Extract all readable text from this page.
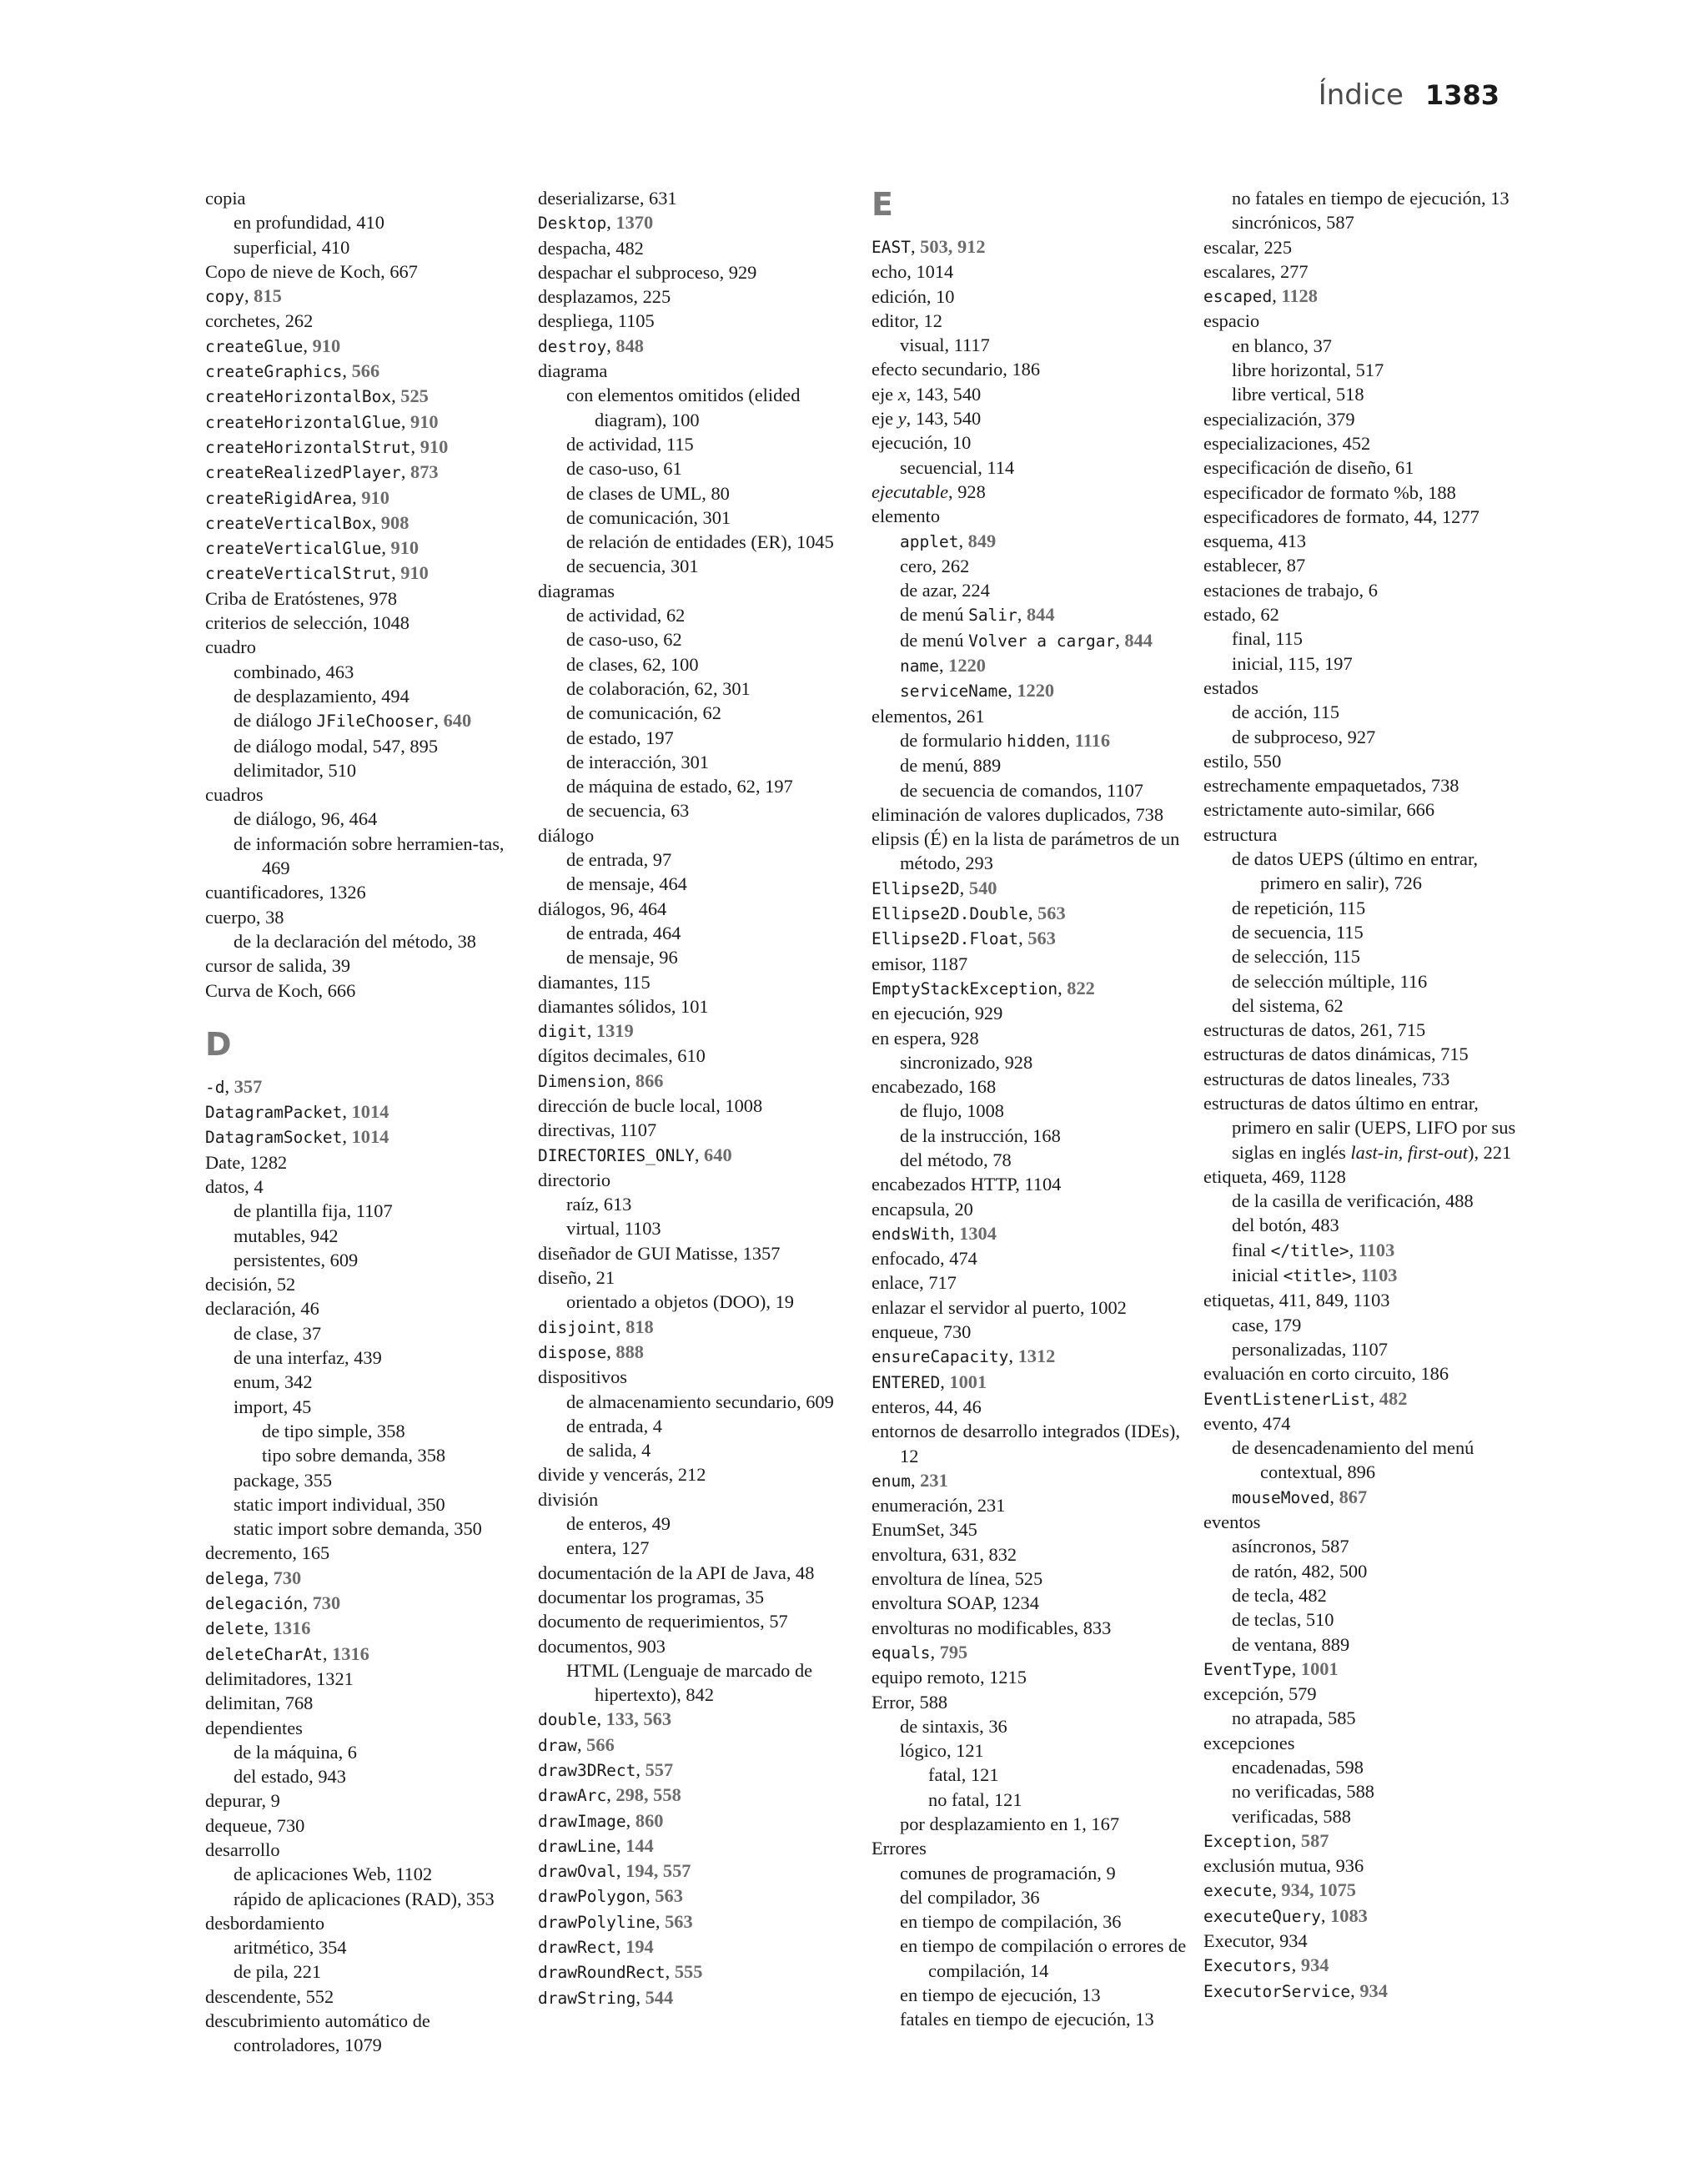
Índice 1383
copia
en profundidad, 410
superficial, 410
Copo de nieve de Koch, 667
copy, 815
corchetes, 262
createGlue, 910
createGraphics, 566
createHorizontalBox, 525
createHorizontalGlue, 910
createHorizontalStrut, 910
createRealizedPlayer, 873
createRigidArea, 910
createVerticalBox, 908
createVerticalGlue, 910
createVerticalStrut, 910
Criba de Eratóstenes, 978
criterios de selección, 1048
cuadro
combinado, 463
de desplazamiento, 494
de diálogo JFileChooser, 640
de diálogo modal, 547, 895
delimitador, 510
cuadros
de diálogo, 96, 464
de información sobre herramien-tas, 469
cuantificadores, 1326
cuerpo, 38
de la declaración del método, 38
cursor de salida, 39
Curva de Koch, 666
D
-d, 357
DatagramPacket, 1014
DatagramSocket, 1014
Date, 1282
datos, 4
de plantilla fija, 1107
mutables, 942
persistentes, 609
decisión, 52
declaración, 46
de clase, 37
de una interfaz, 439
enum, 342
import, 45
de tipo simple, 358
tipo sobre demanda, 358
package, 355
static import individual, 350
static import sobre demanda, 350
decremento, 165
delega, 730
delegación, 730
delete, 1316
deleteCharAt, 1316
delimitadores, 1321
delimitan, 768
dependientes
de la máquina, 6
del estado, 943
depurar, 9
dequeue, 730
desarrollo
de aplicaciones Web, 1102
rápido de aplicaciones (RAD), 353
desbordamiento
aritmético, 354
de pila, 221
descendente, 552
descubrimiento automático de controladores, 1079
deserializarse, 631
Desktop, 1370
despacha, 482
despachar el subproceso, 929
desplazamos, 225
despliega, 1105
destroy, 848
diagrama
con elementos omitidos (elided diagram), 100
de actividad, 115
de caso-uso, 61
de clases de UML, 80
de comunicación, 301
de relación de entidades (ER), 1045
de secuencia, 301
diagramas
de actividad, 62
de caso-uso, 62
de clases, 62, 100
de colaboración, 62, 301
de comunicación, 62
de estado, 197
de interacción, 301
de máquina de estado, 62, 197
de secuencia, 63
diálogo
de entrada, 97
de mensaje, 464
diálogos, 96, 464
de entrada, 464
de mensaje, 96
diamantes, 115
diamantes sólidos, 101
digit, 1319
dígitos decimales, 610
Dimension, 866
dirección de bucle local, 1008
directivas, 1107
DIRECTORIES_ONLY, 640
directorio
raíz, 613
virtual, 1103
diseñador de GUI Matisse, 1357
diseño, 21
orientado a objetos (DOO), 19
disjoint, 818
dispose, 888
dispositivos
de almacenamiento secundario, 609
de entrada, 4
de salida, 4
divide y vencerás, 212
división
de enteros, 49
entera, 127
documentación de la API de Java, 48
documentar los programas, 35
documento de requerimientos, 57
documentos, 903
HTML (Lenguaje de marcado de hipertexto), 842
double, 133, 563
draw, 566
draw3DRect, 557
drawArc, 298, 558
drawImage, 860
drawLine, 144
drawOval, 194, 557
drawPolygon, 563
drawPolyline, 563
drawRect, 194
drawRoundRect, 555
drawString, 544
E
EAST, 503, 912
echo, 1014
edición, 10
editor, 12
visual, 1117
efecto secundario, 186
eje x, 143, 540
eje y, 143, 540
ejecución, 10
secuencial, 114
ejecutable, 928
elemento
applet, 849
cero, 262
de azar, 224
de menú Salir, 844
de menú Volver a cargar, 844
name, 1220
serviceName, 1220
elementos, 261
de formulario hidden, 1116
de menú, 889
de secuencia de comandos, 1107
eliminación de valores duplicados, 738
elipsis (É) en la lista de parámetros de un método, 293
Ellipse2D, 540
Ellipse2D.Double, 563
Ellipse2D.Float, 563
emisor, 1187
EmptyStackException, 822
en ejecución, 929
en espera, 928
sincronizado, 928
encabezado, 168
de flujo, 1008
de la instrucción, 168
del método, 78
encabezados HTTP, 1104
encapsula, 20
endsWith, 1304
enfocado, 474
enlace, 717
enlazar el servidor al puerto, 1002
enqueue, 730
ensureCapacity, 1312
ENTERED, 1001
enteros, 44, 46
entornos de desarrollo integrados (IDEs), 12
enum, 231
enumeración, 231
EnumSet, 345
envoltura, 631, 832
envoltura de línea, 525
envoltura SOAP, 1234
envolturas no modificables, 833
equals, 795
equipo remoto, 1215
Error, 588
de sintaxis, 36
lógico, 121
fatal, 121
no fatal, 121
por desplazamiento en 1, 167
Errores
comunes de programación, 9
del compilador, 36
en tiempo de compilación, 36
en tiempo de compilación o errores de compilación, 14
en tiempo de ejecución, 13
fatales en tiempo de ejecución, 13
no fatales en tiempo de ejecución, 13
sincrónicos, 587
escalar, 225
escalares, 277
escaped, 1128
espacio
en blanco, 37
libre horizontal, 517
libre vertical, 518
especialización, 379
especializaciones, 452
especificación de diseño, 61
especificador de formato %b, 188
especificadores de formato, 44, 1277
esquema, 413
establecer, 87
estaciones de trabajo, 6
estado, 62
final, 115
inicial, 115, 197
estados
de acción, 115
de subproceso, 927
estilo, 550
estrechamente empaquetados, 738
estrictamente auto-similar, 666
estructura
de datos UEPS (último en entrar, primero en salir), 726
de repetición, 115
de secuencia, 115
de selección, 115
de selección múltiple, 116
del sistema, 62
estructuras de datos, 261, 715
estructuras de datos dinámicas, 715
estructuras de datos lineales, 733
estructuras de datos último en entrar, primero en salir (UEPS, LIFO por sus siglas en inglés last-in, first-out), 221
etiqueta, 469, 1128
de la casilla de verificación, 488
del botón, 483
final </title>, 1103
inicial <title>, 1103
etiquetas, 411, 849, 1103
case, 179
personalizadas, 1107
evaluación en corto circuito, 186
EventListenerList, 482
evento, 474
de desencadenamiento del menú contextual, 896
mouseMoved, 867
eventos
asíncronos, 587
de ratón, 482, 500
de tecla, 482
de teclas, 510
de ventana, 889
EventType, 1001
excepción, 579
no atrapada, 585
excepciones
encadenadas, 598
no verificadas, 588
verificadas, 588
Exception, 587
exclusión mutua, 936
execute, 934, 1075
executeQuery, 1083
Executor, 934
Executors, 934
ExecutorService, 934
